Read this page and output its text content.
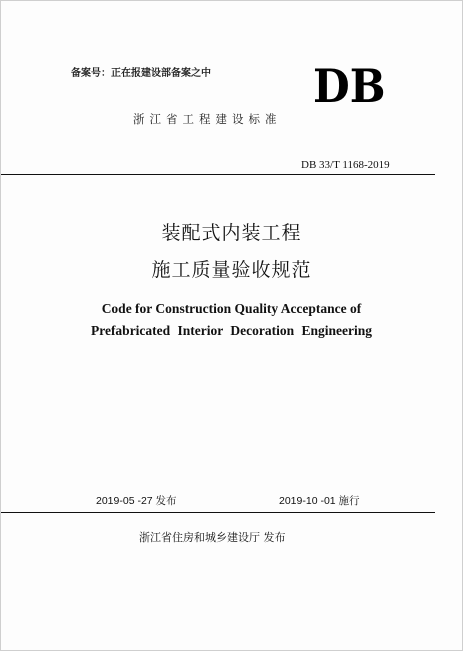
备案号：正在报建设部备案之中
浙江省工程建设标准
DB
DB 33/T 1168-2019
装配式内装工程
施工质量验收规范
Code for Construction Quality Acceptance of
Prefabricated Interior Decoration Engineering
2019-05 -27 发布	2019-10 -01 施行
浙江省住房和城乡建设厅 发布
